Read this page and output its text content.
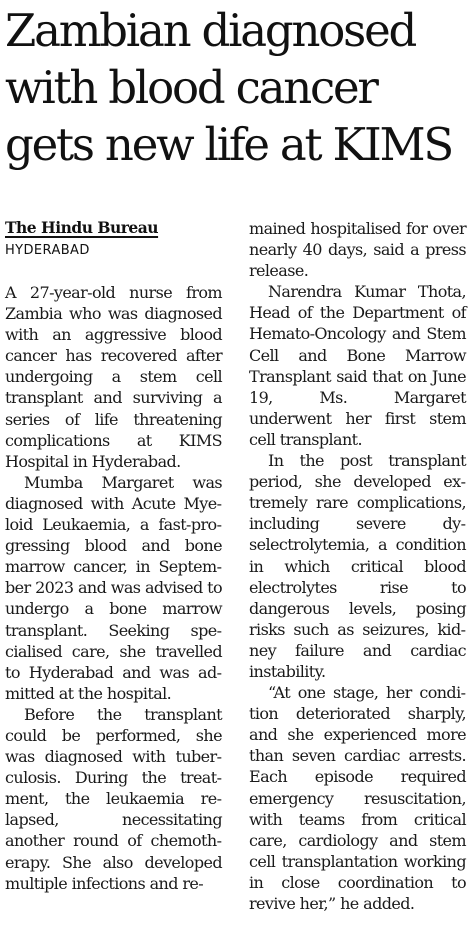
Zambian diagnosed
with blood cancer
gets new life at KIMS

The Hindu Bureau

HYDERABAD

A 27-year-old nurse from Zambia who was diagnosed with an aggressive blood cancer has recovered after undergoing a stem cell transplant and surviving a series of life threatening complications at KIMS Hospital in Hyderabad.

Mumba Margaret was diagnosed with Acute Myeloid Leukaemia, a fast-progressing blood and bone marrow cancer, in September 2023 and was advised to undergo a bone marrow transplant. Seeking specialised care, she travelled to Hyderabad and was admitted at the hospital.

Before the transplant could be performed, she was diagnosed with tuberculosis. During the treatment, the leukaemia relapsed, necessitating another round of chemotherapy. She also developed multiple infections and re-

mained hospitalised for over nearly 40 days, said a press release.

Narendra Kumar Thota, Head of the Department of Hemato-Oncology and Stem Cell and Bone Marrow Transplant said that on June 19, Ms. Margaret underwent her first stem cell transplant.

In the post transplant period, she developed extremely rare complications, including severe dyselectrolytemia, a condition in which critical blood electrolytes rise to dangerous levels, posing risks such as seizures, kidney failure and cardiac instability.

“At one stage, her condition deteriorated sharply, and she experienced more than seven cardiac arrests. Each episode required emergency resuscitation, with teams from critical care, cardiology and stem cell transplantation working in close coordination to revive her,” he added.
